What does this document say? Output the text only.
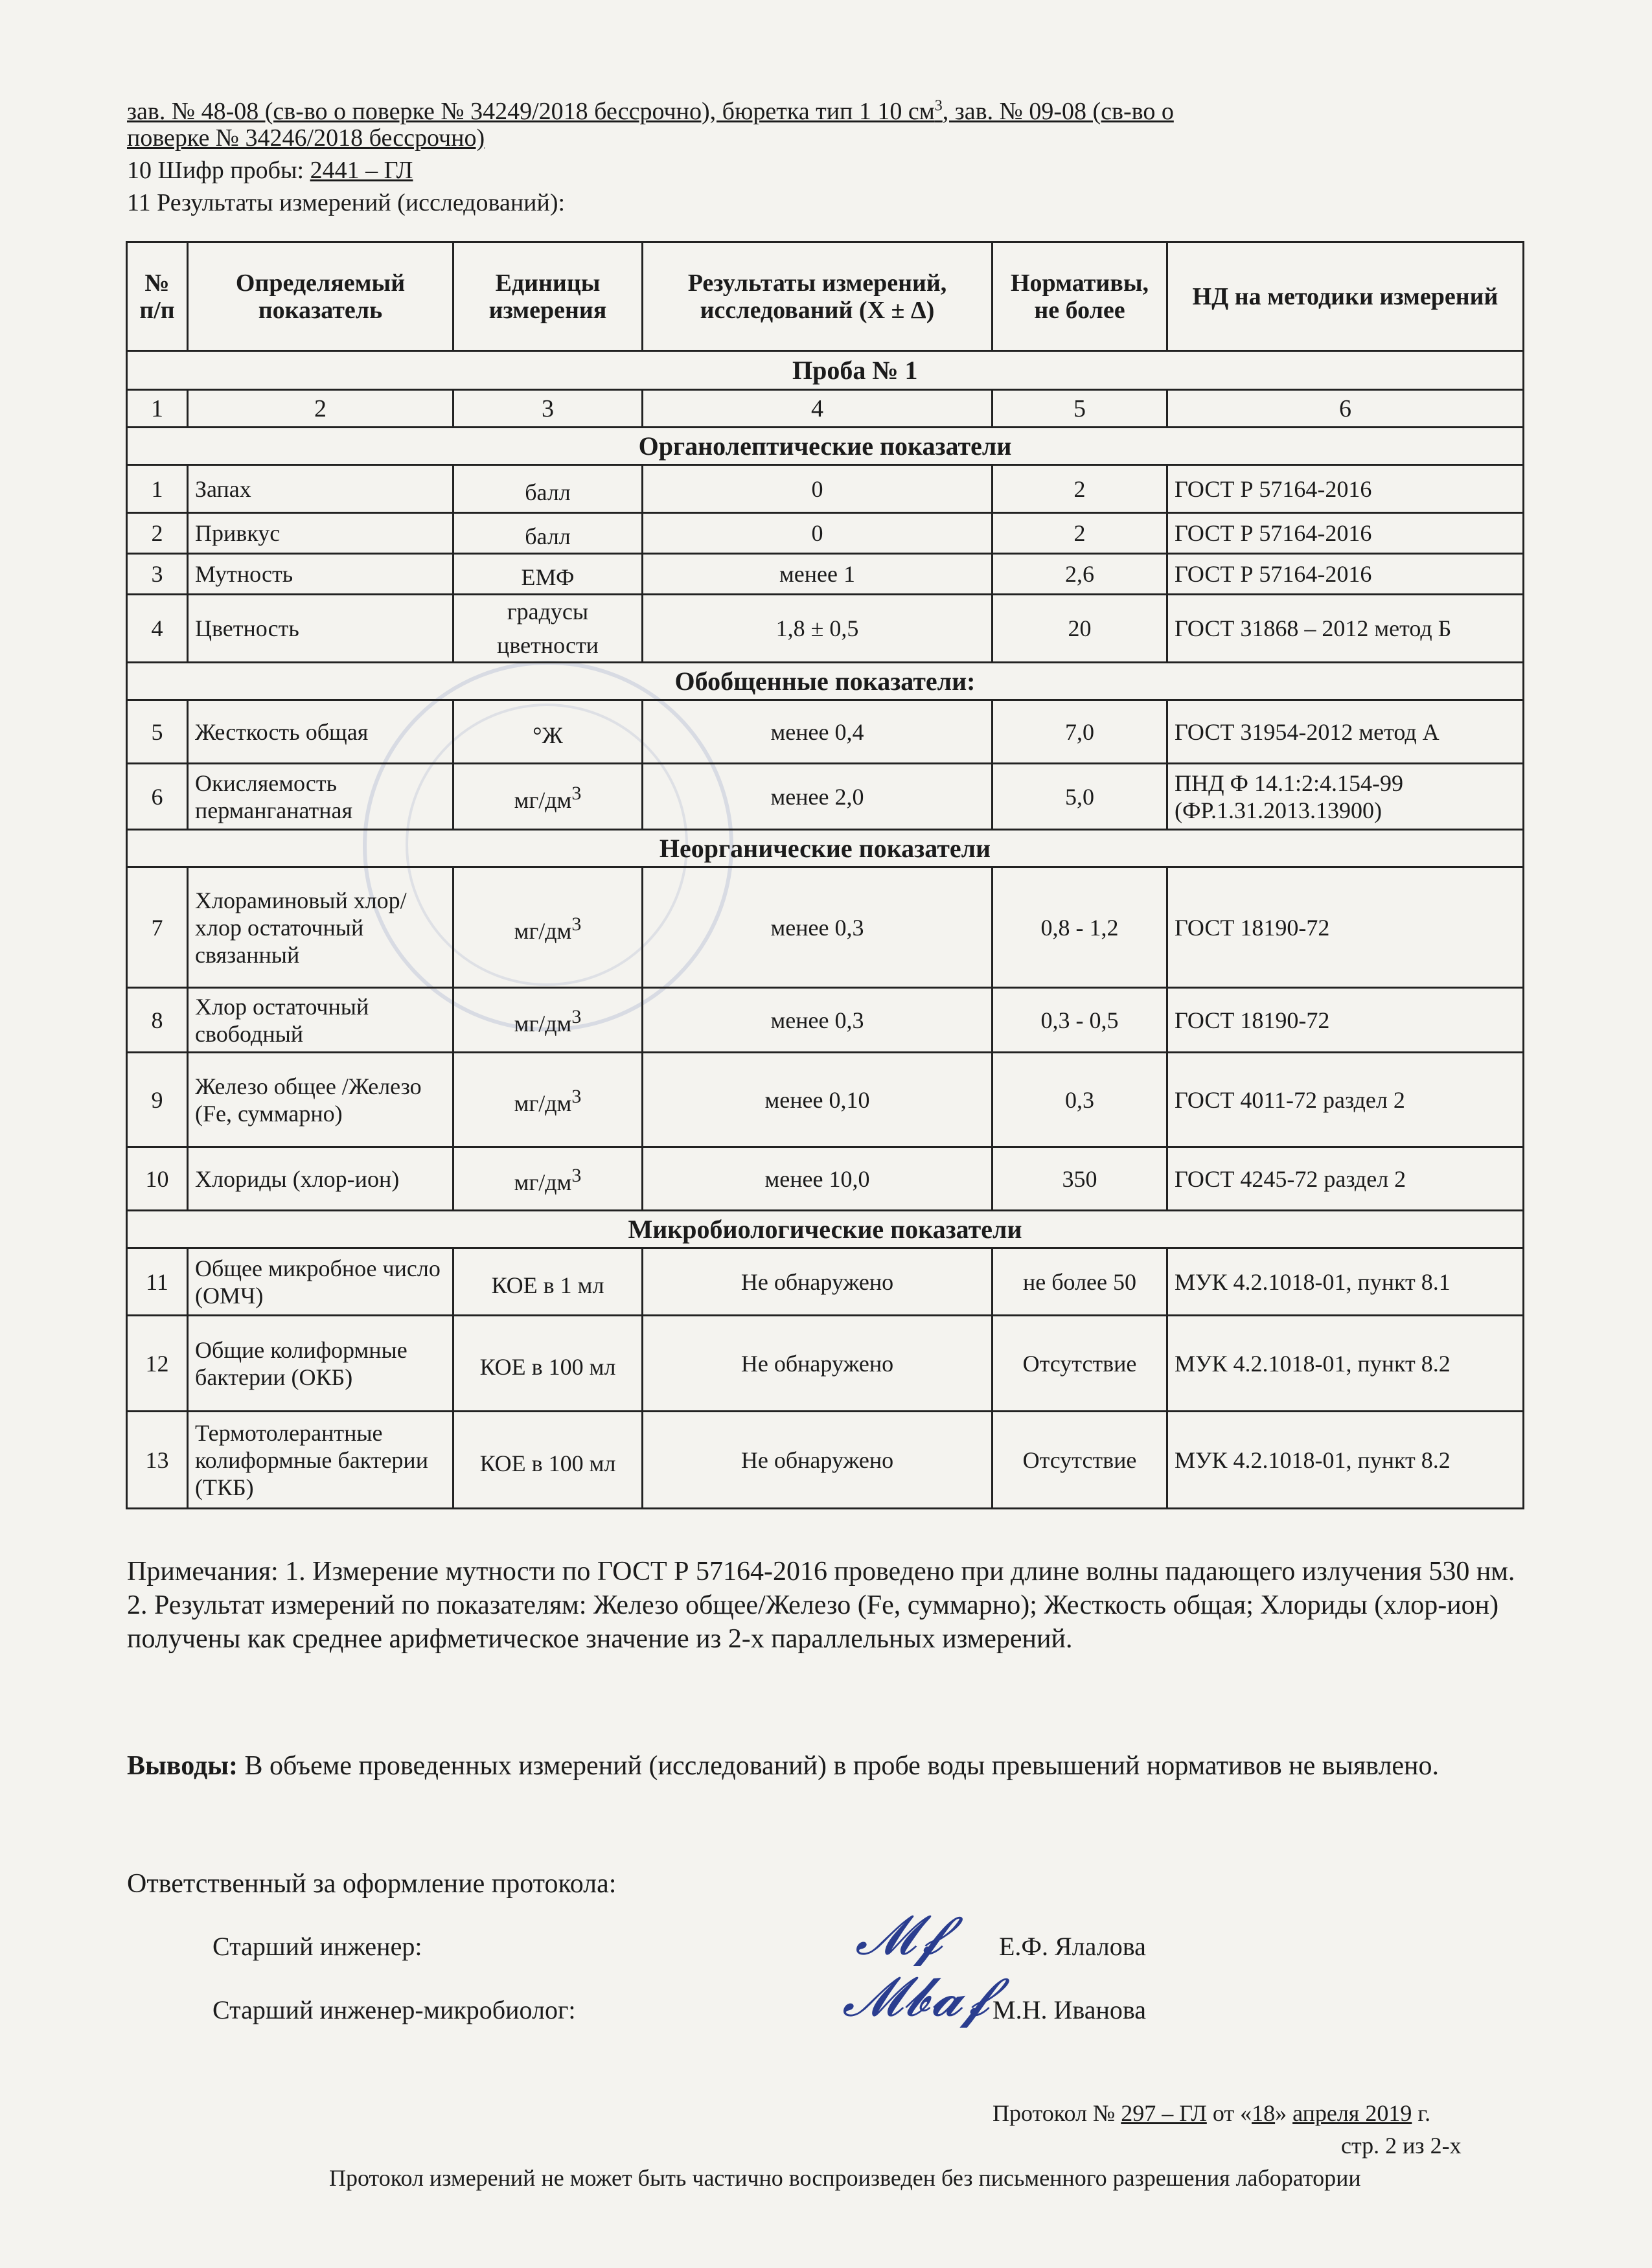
зав. № 48-08 (св-во о поверке № 34249/2018 бессрочно), бюретка тип 1 10 $см^3$, зав. № 09-08 (св-во о
поверке № 34246/2018 бессрочно)
10 Шифр пробы: 2441 – ГЛ
11 Результаты измерений (исследований):
№ п/п	Определяемый показатель	Единицы измерения	Результаты измерений, исследований (Х ± Δ)	Нормативы, не более	НД на методики измерений
	Проба № 1				
1	2	3	4	5	6
Органолептические показатели					
1	Запах	балл	0	2	ГОСТ Р 57164-2016
2	Привкус	балл	0	2	ГОСТ Р 57164-2016
3	Мутность	ЕМФ	менее 1	2,6	ГОСТ Р 57164-2016
4	Цветность	градусы цветности	1,8 ± 0,5	20	ГОСТ 31868 – 2012 метод Б
Обобщенные показатели:					
5	Жесткость общая	°Ж	менее 0,4	7,0	ГОСТ 31954-2012 метод А
6	Окисляемость перманганатная	$мг/дм^3$	менее 2,0	5,0	ПНД Ф 14.1:2:4.154-99 (ФР.1.31.2013.13900)
Неорганические показатели					
7	Хлораминовый хлор/хлор остаточный связанный	$мг/дм^3$	менее 0,3	0,8 - 1,2	ГОСТ 18190-72
8	Хлор остаточный свободный	$мг/дм^3$	менее 0,3	0,3 - 0,5	ГОСТ 18190-72
9	Железо общее /Железо (Fe, суммарно)	$мг/дм^3$	менее 0,10	0,3	ГОСТ 4011-72 раздел 2
10	Хлориды (хлор-ион)	$мг/дм^3$	менее 10,0	350	ГОСТ 4245-72 раздел 2
Микробиологические показатели					
11	Общее микробное число (ОМЧ)	КОЕ в 1 мл	Не обнаружено	не более 50	МУК 4.2.1018-01, пункт 8.1
12	Общие колиформные бактерии (ОКБ)	КОЕ в 100 мл	Не обнаружено	Отсутствие	МУК 4.2.1018-01, пункт 8.2
13	Термотолерантные колиформные бактерии (ТКБ)	КОЕ в 100 мл	Не обнаружено	Отсутствие	МУК 4.2.1018-01, пункт 8.2

Примечания: 1. Измерение мутности по ГОСТ Р 57164-2016 проведено при длине волны падающего излучения 530 нм.

2. Результат измерений по показателям: Железо общее/Железо (Fe, суммарно); Жесткость общая; Хлориды (хлор-ион) получены как среднее арифметическое значение из 2-х параллельных измерений.

Выводы: В объеме проведенных измерений (исследований) в пробе воды превышений нормативов не выявлено.
Ответственный за оформление протокола:
Старший инженер:	𝓜𝓯 Е.Ф. Ялалова
Старший инженер-микробиолог:	𝓜𝓫𝓪𝓯 М.Н. Иванова
Протокол № 297 – ГЛ от «18» апреля 2019 г.
стр. 2 из 2-х
Протокол измерений не может быть частично воспроизведен без письменного разрешения лаборатории
